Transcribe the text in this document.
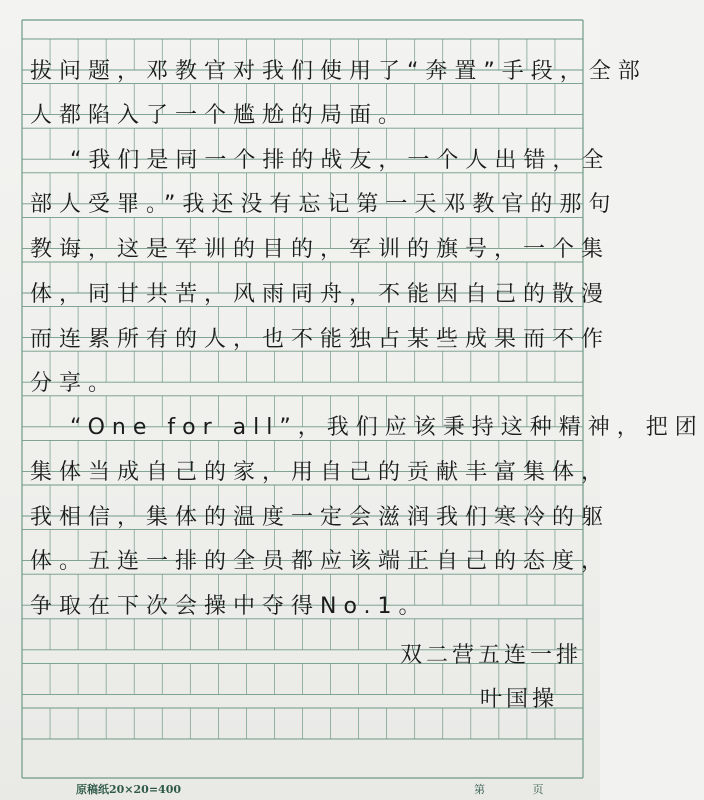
拔问题，邓教官对我们使用了“奔置”手段，全部
人都陷入了一个尴尬的局面。
“我们是同一个排的战友，一个人出错，全
部人受罪。”我还没有忘记第一天邓教官的那句
教诲，这是军训的目的，军训的旗号，一个集
体，同甘共苦，风雨同舟，不能因自己的散漫
而连累所有的人，也不能独占某些成果而不作
分享。
“One for all”，我们应该秉持这种精神，把团
集体当成自己的家，用自己的贡献丰富集体，
我相信，集体的温度一定会滋润我们寒冷的躯
体。五连一排的全员都应该端正自己的态度，
争取在下次会操中夺得No.1。
双二营五连一排
叶国操
原稿纸20×20=400	第 页
